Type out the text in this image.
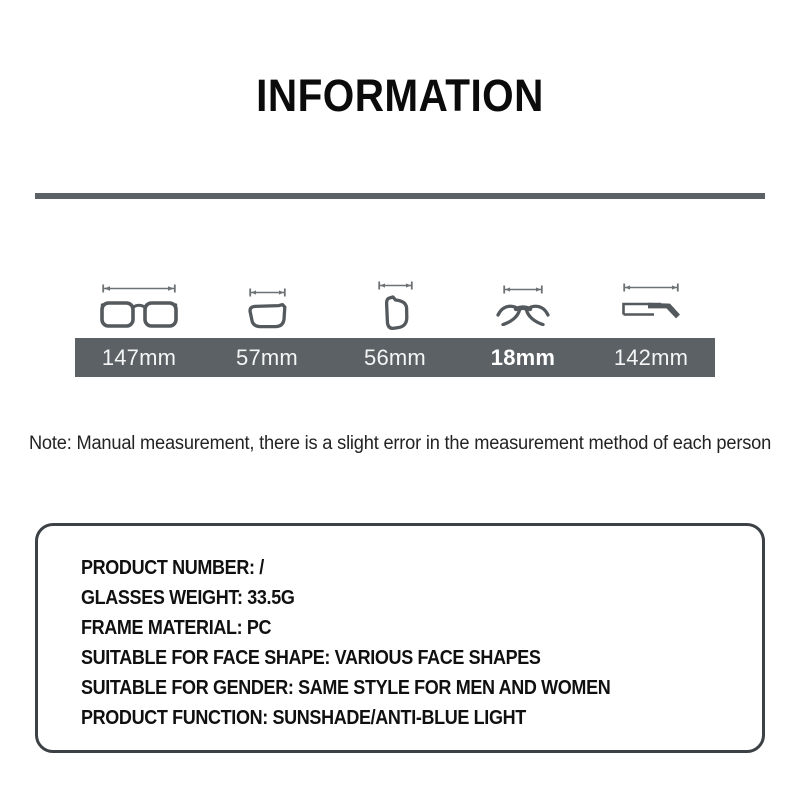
INFORMATION
147mm	57mm	56mm	18mm	142mm
Note: Manual measurement, there is a slight error in the measurement method of each person
PRODUCT NUMBER: /
GLASSES WEIGHT: 33.5G
FRAME MATERIAL: PC
SUITABLE FOR FACE SHAPE: VARIOUS FACE SHAPES
SUITABLE FOR GENDER: SAME STYLE FOR MEN AND WOMEN
PRODUCT FUNCTION: SUNSHADE/ANTI-BLUE LIGHT
